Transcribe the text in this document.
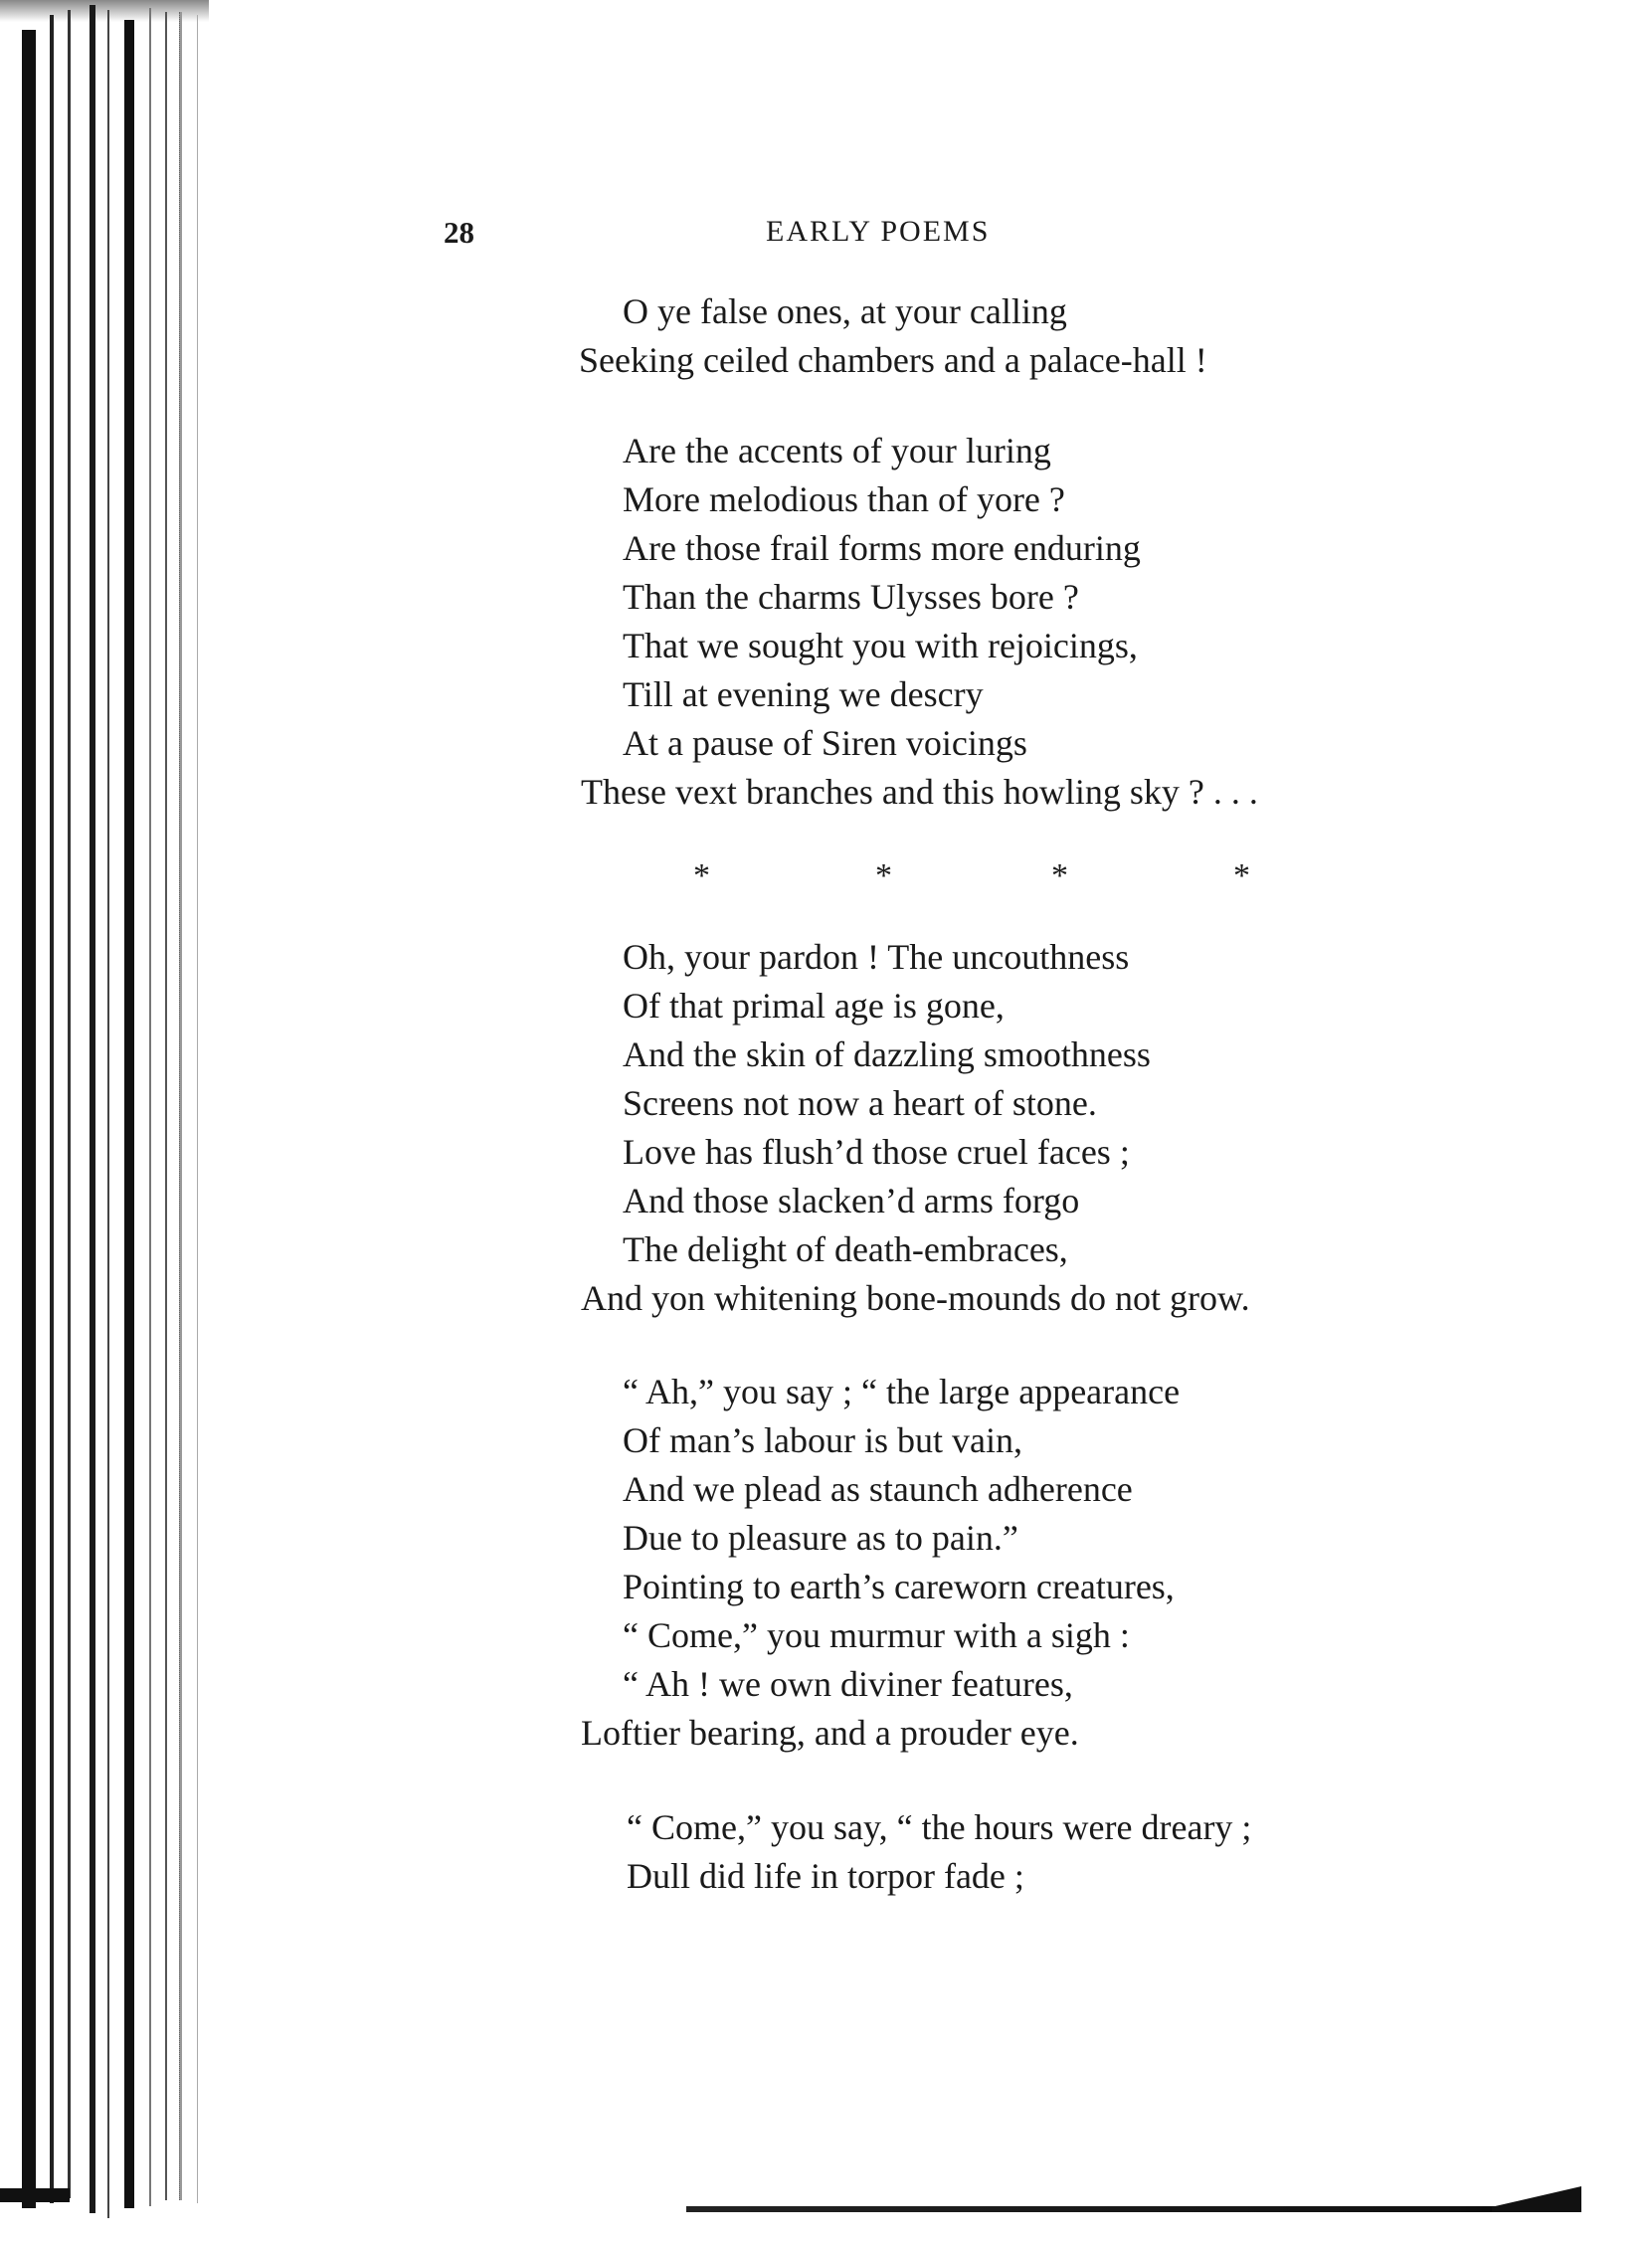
28	EARLY POEMS
O ye false ones, at your calling
Seeking ceiled chambers and a palace-hall !
Are the accents of your luring
More melodious than of yore ?
Are those frail forms more enduring
Than the charms Ulysses bore ?
That we sought you with rejoicings,
Till at evening we descry
At a pause of Siren voicings
These vext branches and this howling sky ? . . .
*	*	*	*
Oh, your pardon ! The uncouthness
Of that primal age is gone,
And the skin of dazzling smoothness
Screens not now a heart of stone.
Love has flush’d those cruel faces ;
And those slacken’d arms forgo
The delight of death-embraces,
And yon whitening bone-mounds do not grow.
“ Ah,” you say ; “ the large appearance
Of man’s labour is but vain,
And we plead as staunch adherence
Due to pleasure as to pain.”
Pointing to earth’s careworn creatures,
“ Come,” you murmur with a sigh :
“ Ah ! we own diviner features,
Loftier bearing, and a prouder eye.
“ Come,” you say, “ the hours were dreary ;
Dull did life in torpor fade ;
